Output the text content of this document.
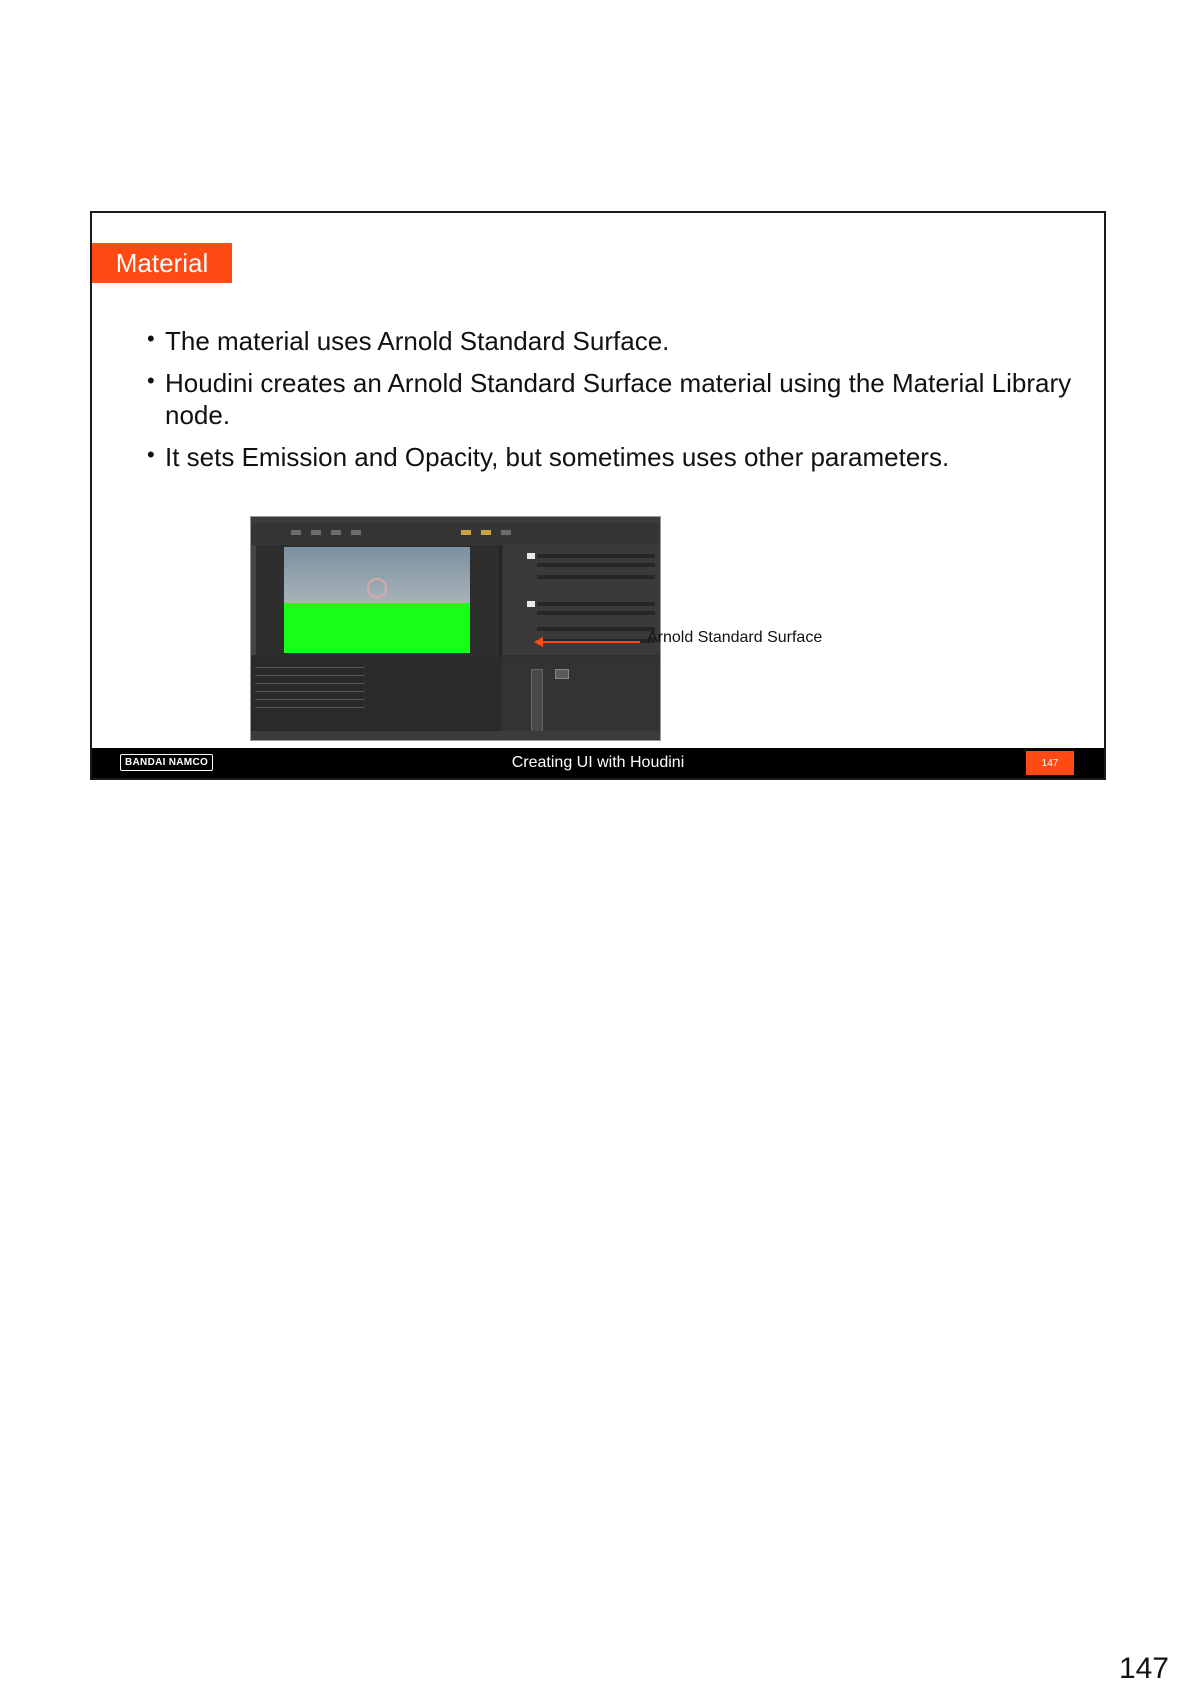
Material
• The material uses Arnold Standard Surface.
• Houdini creates an Arnold Standard Surface material using the Material Library node.
• It sets Emission and Opacity, but sometimes uses other parameters.
Arnold Standard Surface
BANDAI NAMCO	Creating UI with Houdini	147
147
